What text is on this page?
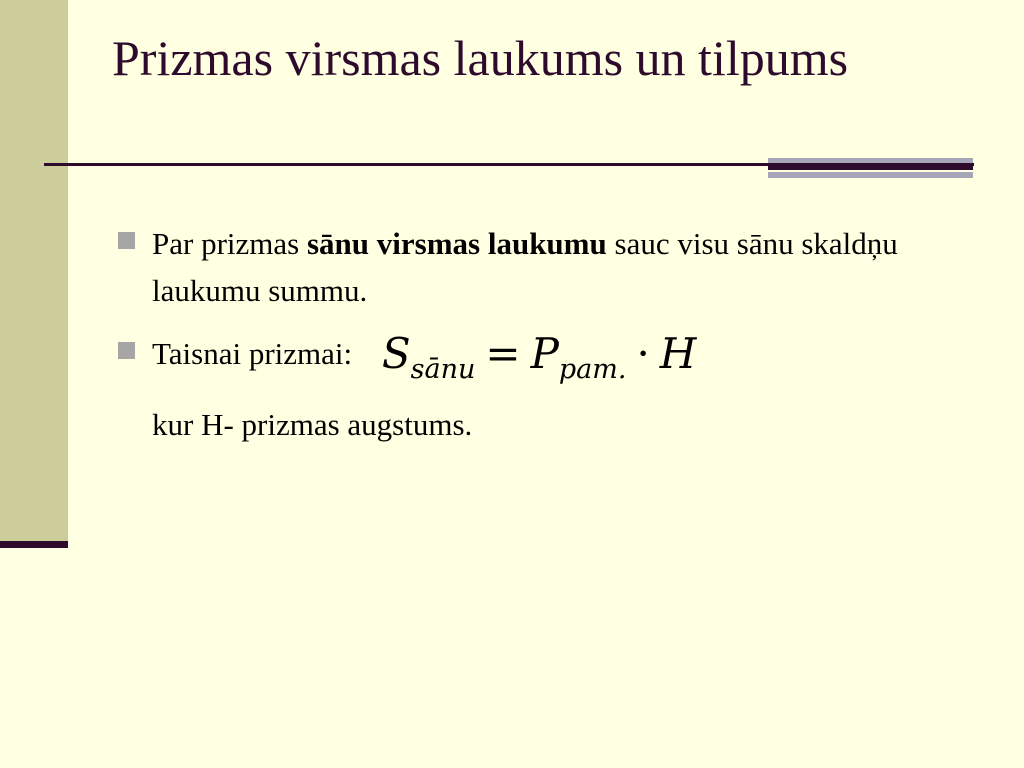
Prizmas virsmas laukums un tilpums
Par prizmas sānu virsmas laukumu sauc visu sānu skaldņu laukumu summu.
Taisnai prizmai: $S_{sānu} = P_{pam.} \cdot H$
kur H- prizmas augstums.
